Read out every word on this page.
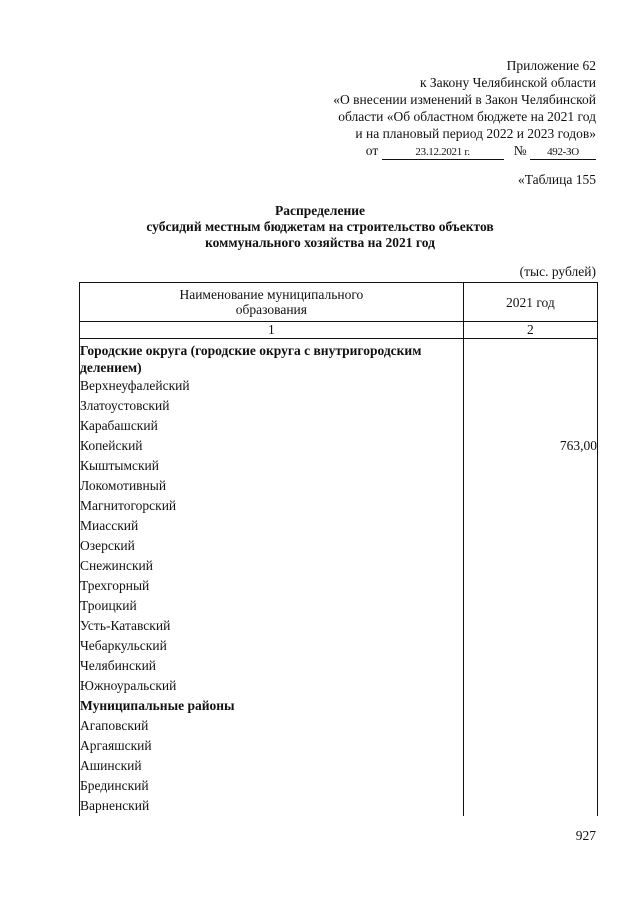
Приложение 62
к Закону Челябинской области
«О внесении изменений в Закон Челябинской
области «Об областном бюджете на 2021 год
и на плановый период 2022 и 2023 годов»
от	23.12.2021 г.	№ 492-ЗО
«Таблица 155
Распределение
субсидий местным бюджетам на строительство объектов
коммунального хозяйства на 2021 год
(тыс. рублей)
Наименование муниципального
образования	2021 год
1	2
Городские округа (городские округа с внутригородским делением)	
Верхнеуфалейский	
Златоустовский	
Карабашский	
Копейский	763,00
Кыштымский	
Локомотивный	
Магнитогорский	
Миасский	
Озерский	
Снежинский	
Трехгорный	
Троицкий	
Усть-Катавский	
Чебаркульский	
Челябинский	
Южноуральский	
Муниципальные районы	
Агаповский	
Аргаяшский	
Ашинский	
Брединский	
Варненский	
927
